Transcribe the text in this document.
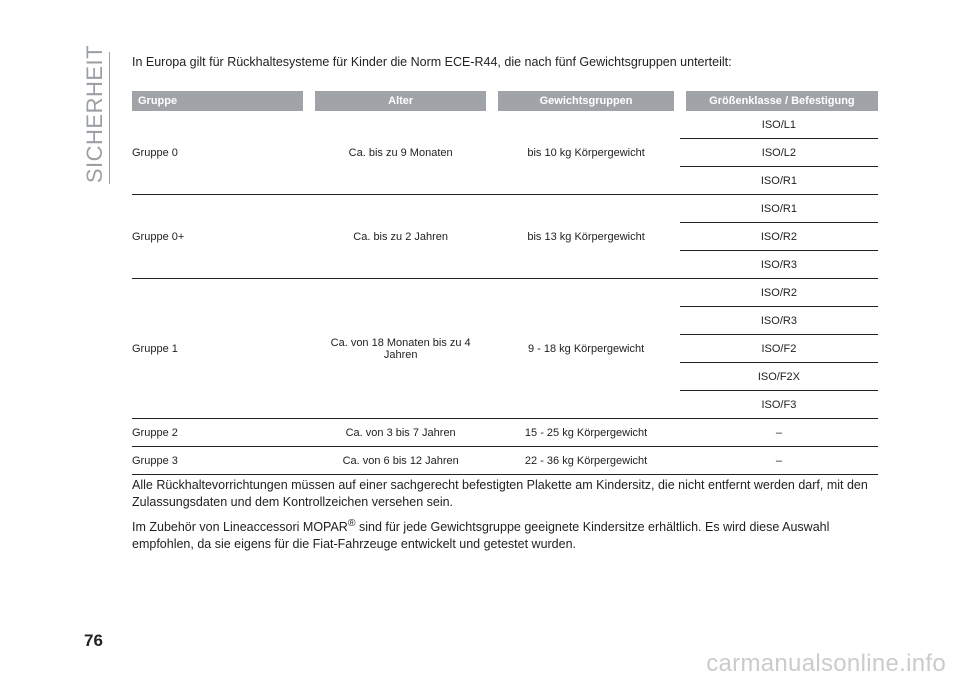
SICHERHEIT In Europa gilt für Rückhaltesysteme für Kinder die Norm ECE-R44, die nach fünf Gewichtsgruppen unterteilt:
Gruppe	Alter	Gewichtsgruppen	Größenklasse / Befestigung
Gruppe 0	Ca. bis zu 9 Monaten	bis 10 kg Körpergewicht	ISO/L1
			ISO/L2
			ISO/R1
Gruppe 0+	Ca. bis zu 2 Jahren	bis 13 kg Körpergewicht	ISO/R1
			ISO/R2
			ISO/R3
Gruppe 1	Ca. von 18 Monaten bis zu 4 Jahren	9 - 18 kg Körpergewicht	ISO/R2
			ISO/R3
			ISO/F2
			ISO/F2X
			ISO/F3
Gruppe 2	Ca. von 3 bis 7 Jahren	15 - 25 kg Körpergewicht	–
Gruppe 3	Ca. von 6 bis 12 Jahren	22 - 36 kg Körpergewicht	–
Alle Rückhaltevorrichtungen müssen auf einer sachgerecht befestigten Plakette am Kindersitz, die nicht entfernt werden darf, mit den Zulassungsdaten und dem Kontrollzeichen versehen sein.
Im Zubehör von Lineaccessori MOPAR® sind für jede Gewichtsgruppe geeignete Kindersitze erhältlich. Es wird diese Auswahl empfohlen, da sie eigens für die Fiat-Fahrzeuge entwickelt und getestet wurden.
76
carmanualsonline.info
